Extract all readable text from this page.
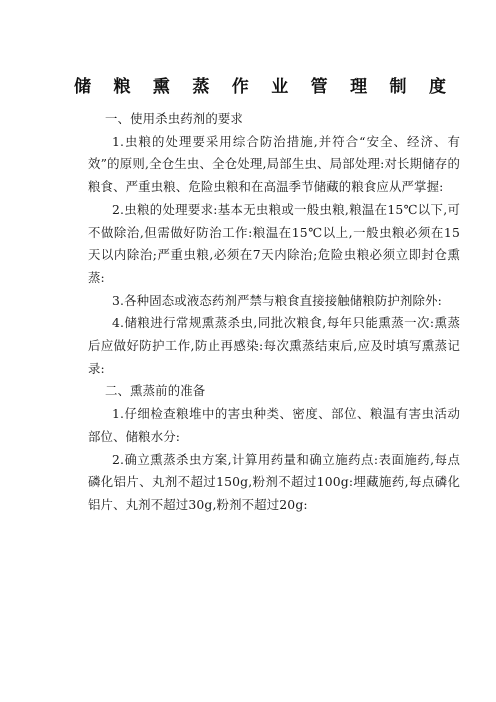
储 粮 熏 蒸 作 业 管 理 制 度

一、使用杀虫药剂的要求

1.虫粮的处理要采用综合防治措施,并符合“安全、经济、有效”的原则,全仓生虫、全仓处理,局部生虫、局部处理:对长期储存的粮食、严重虫粮、危险虫粮和在高温季节储藏的粮食应从严掌握:

2.虫粮的处理要求:基本无虫粮或一般虫粮,粮温在15℃以下,可不做除治,但需做好防治工作:粮温在15℃以上,一般虫粮必须在15天以内除治;严重虫粮,必须在7天内除治;危险虫粮必须立即封仓熏蒸:

3.各种固态或液态药剂严禁与粮食直接接触储粮防护剂除外:

4.储粮进行常规熏蒸杀虫,同批次粮食,每年只能熏蒸一次:熏蒸后应做好防护工作,防止再感染:每次熏蒸结束后,应及时填写熏蒸记录:

二、熏蒸前的准备

1.仔细检查粮堆中的害虫种类、密度、部位、粮温有害虫活动部位、储粮水分:

2.确立熏蒸杀虫方案,计算用药量和确立施药点:表面施药,每点磷化铝片、丸剂不超过150g,粉剂不超过100g:埋藏施药,每点磷化铝片、丸剂不超过30g,粉剂不超过20g:
